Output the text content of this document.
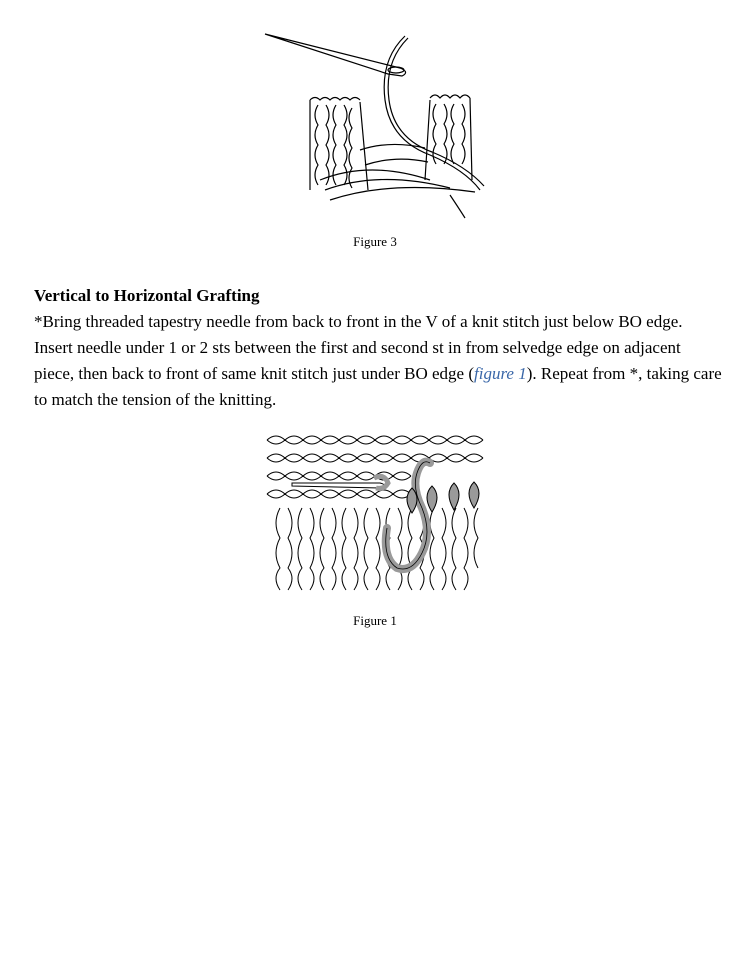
Figure 3
Vertical to Horizontal Grafting

*Bring threaded tapestry needle from back to front in the V of a knit stitch just below BO edge. Insert needle under 1 or 2 sts between the first and second st in from selvedge edge on adjacent piece, then back to front of same knit stitch just under BO edge (figure 1). Repeat from *, taking care to match the tension of the knitting.

Figure 1
